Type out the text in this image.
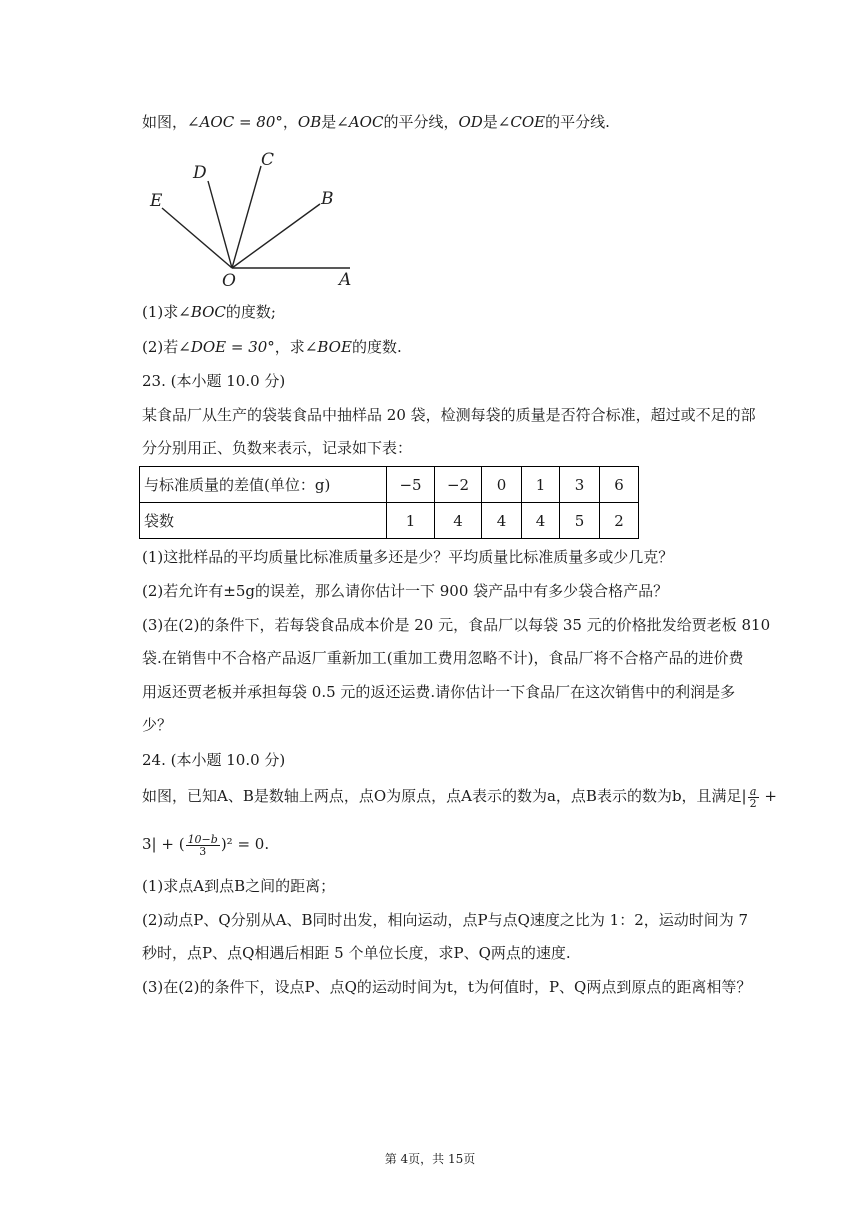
如图，∠AOC = 80°，OB是∠AOC的平分线，OD是∠COE的平分线.
E
D
C
B
O	A
(1)求∠BOC的度数;
(2)若∠DOE = 30°，求∠BOE的度数.
23. (本小题 10.0 分)
某食品厂从生产的袋装食品中抽样品 20 袋，检测每袋的质量是否符合标准，超过或不足的部
分分别用正、负数来表示，记录如下表：
与标准质量的差值(单位：g)	−5	−2	0	1	3	6
袋数	1	4	4	4	5	2
(1)这批样品的平均质量比标准质量多还是少？平均质量比标准质量多或少几克？
(2)若允许有±5g的误差，那么请你估计一下 900 袋产品中有多少袋合格产品？
(3)在(2)的条件下，若每袋食品成本价是 20 元，食品厂以每袋 35 元的价格批发给贾老板 810
袋.在销售中不合格产品返厂重新加工(重加工费用忽略不计)，食品厂将不合格产品的进价费
用返还贾老板并承担每袋 0.5 元的返还运费.请你估计一下食品厂在这次销售中的利润是多
少？
24. (本小题 10.0 分)
如图，已知A、B是数轴上两点，点O为原点，点A表示的数为a，点B表示的数为b，且满足| $\frac{a}{2}$ +
3| + ( $\frac{10-b}{3} )^2 = 0$.
(1)求点A到点B之间的距离；
(2)动点P、Q分别从A、B同时出发，相向运动，点P与点Q速度之比为 1：2，运动时间为 7
秒时，点P、点Q相遇后相距 5 个单位长度，求P、Q两点的速度.
(3)在(2)的条件下，设点P、点Q的运动时间为t，t为何值时，P、Q两点到原点的距离相等？
第 4页，共 15页
